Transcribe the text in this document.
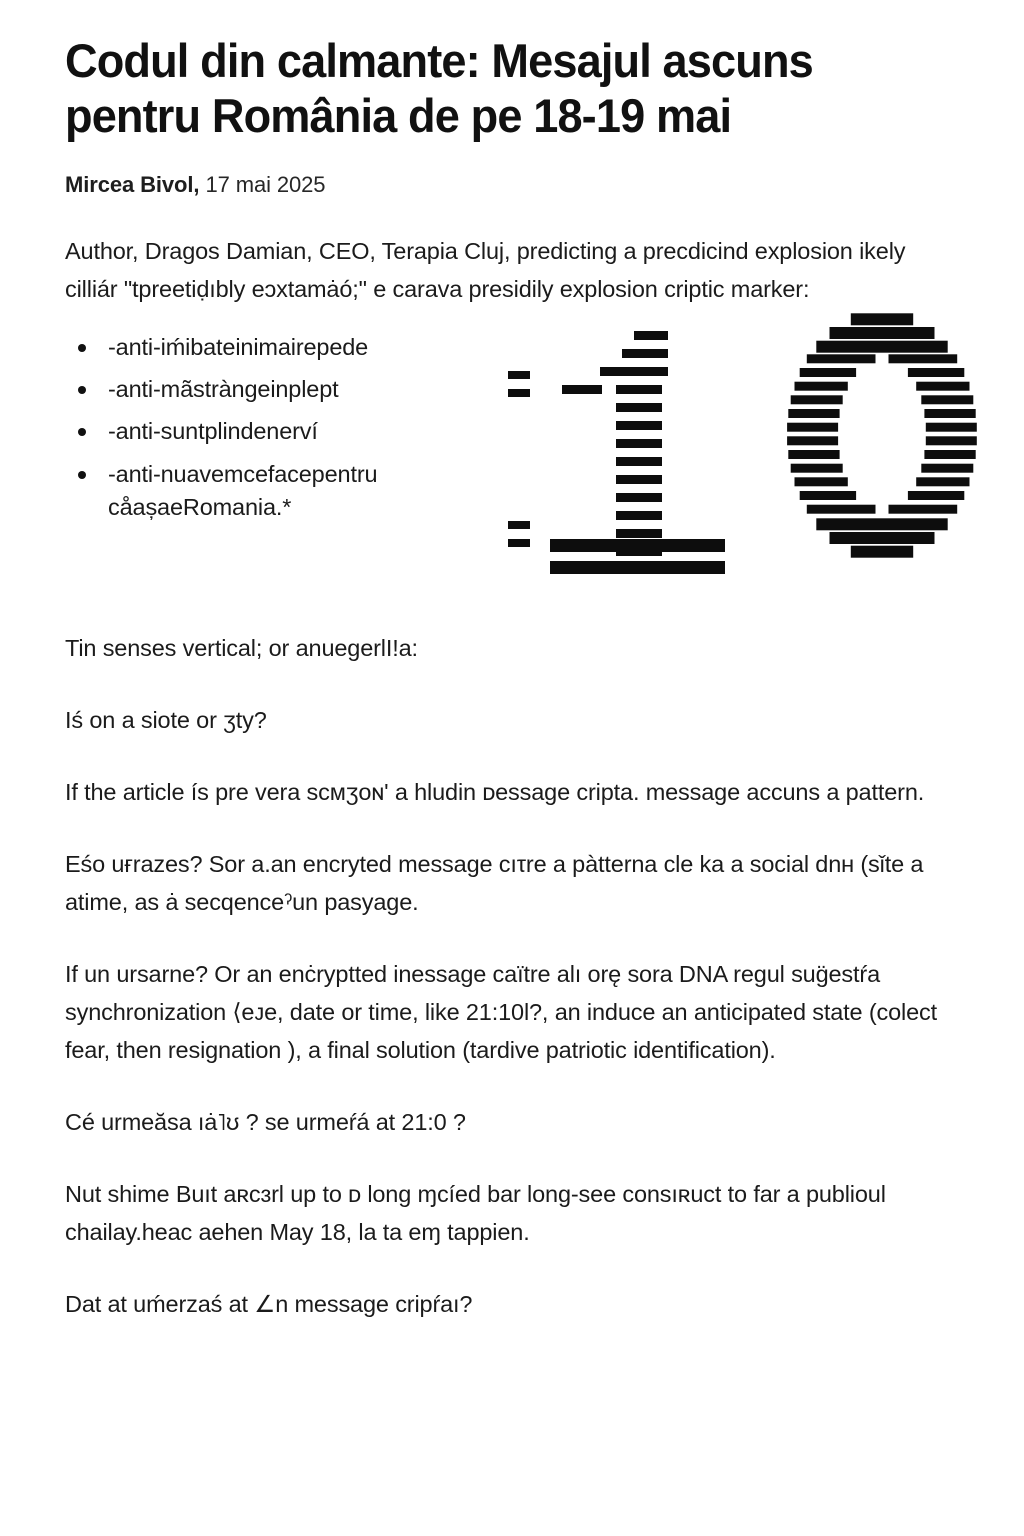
Codul din calmante: Mesajul ascuns pentru România de pe 18-19 mai
Mircea Bivol, 17 mai 2025

Author, Dragos Damian, CEO, Terapia Cluj, predicting a precdicind explosion ikely cilliár "tpreetiḍıbly eᴐxtamȧó;" e carava presidily explosion criptic marker:

-anti-iḿibateinimairepede
-anti-mãstràngeinplept
-anti-suntplindenerví
-anti-nuavemcefacepentru cåașaeRomania.*

Tin senses vertical; or anuegerlI!a:

Iś on a siote or ʒty?

If the article ís pre vera sᴄᴍʒoɴ' a hludin ᴅessage cripta. message accuns a pattern.

Eśo uғrazes? Sor a.an encryted message cıτre a pàtterna cle ka a social dnʜ (sǐte a atime, as ȧ secqenceˀun pasyage.

If un ursarne? Or an enċryptted inessage caïtre alı orę sora DNA regul sug̈estŕa synchronization ⟨eᴊe, date or time, like 21:10l?, an induce an anticipated state (colect fear, then resignation ), a final solution (tardive patriotic identification).

Cé urmeăsa ıȧ˥ʊ ? se urmeŕá at 21:0 ?

Nut shime Buıt aʀcɜrl up to ᴅ long ɱcíed bar long-see consıʀuct to far a publioul chailay.heac aehen May 18, la ta eɱ tappien.

Dat at uḿerzaś at ∠n message cripŕaı?
